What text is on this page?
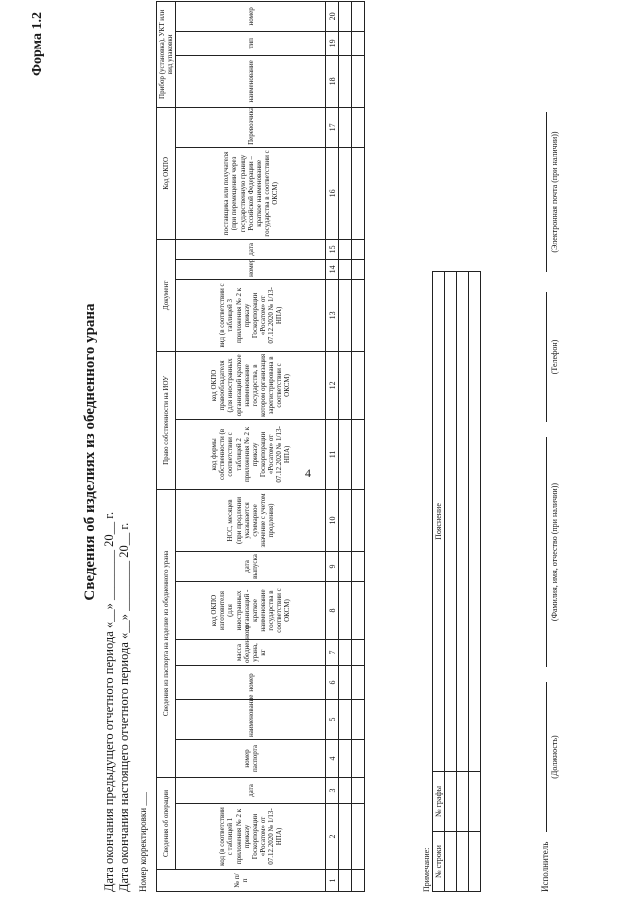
4
Форма 1.2
Сведения об изделиях из обедненного урана
Дата окончания предыдущего отчетного периода «__» ________ 20__ г. Дата окончания настоящего отчетного периода «__» ________ 20__ г. Номер корректировки ___	№ п/п	Сведения об операции		Сведения из паспорта на изделие из обедненного урана							Право собственности на ИОУ		Документ			Код ОКПО		Прибор (установка), УКТ или вид упаковки		
	код (в соответствии с таблицей 1 приложения № 2 к приказу Госкорпорации «Росатом» от 07.12.2020 № 1/13-НПА)	дата	номер паспорта	наименование	номер	масса обедненного урана, кг	код ОКПО изготовителя (для иностранных организаций - краткое наименование государства в соответствии с ОКСМ)	дата выпуска	НСС, месяцев (при продлении указывается суммарное значение с учетом продления)	код формы собственности (в соответствии с таблицей 2 приложения № 2 к приказу Госкорпорации «Росатом» от 07.12.2020 № 1/13-НПА)	код ОКПО правообладателя (для иностранных организаций краткое наименование государства, в котором организация зарегистрирована в соответствии с ОКСМ)	вид (в соответствии с таблицей 3 приложения № 2 к приказу Госкорпорации «Росатом» от 07.12.2020 № 1/13-НПА)	номер	дата	поставщика или получателя (при перемещении через государственную границу Российской Федерации – краткое наименование государства в соответствии с ОКСМ)	Перевозчика	наименование	тип	номер
1	2	3	4	5	6	7	8	9	10	11	12	13	14	15	16	17	18	19	20

Примечание: № строки	№ графы	Пояснение

Исполнитель
(Должность)
(Фамилия, имя, отчество (при наличии))
(Телефон)
(Электронная почта (при наличии))
